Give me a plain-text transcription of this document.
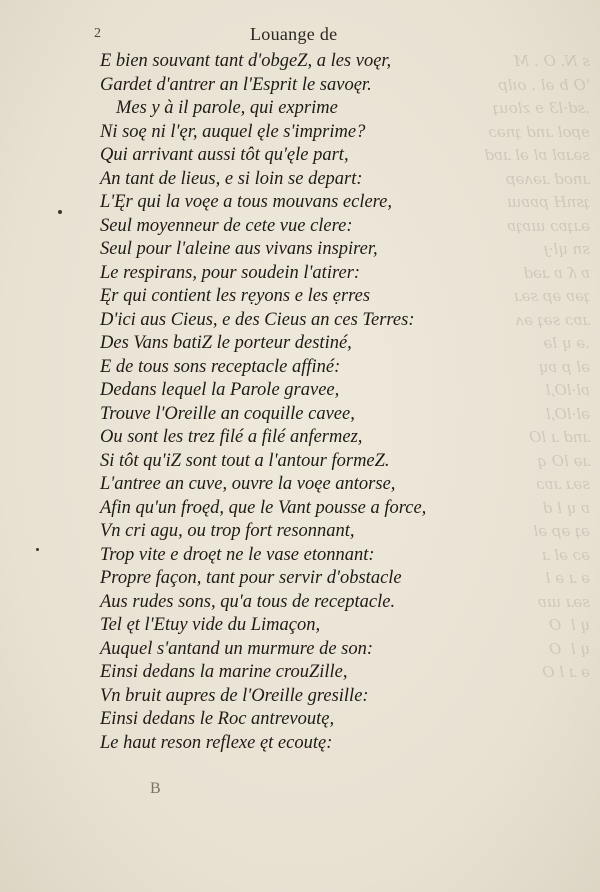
s N. O . M
'O b ǝl . oılp
.sd·l3 ɘ zlouʇ
ɘpol ɹnd ʇnǝɔ
sǝɹɐl ɐl ǝl ɹɐd
ɹnod ɹǝʌǝp
ʇsnH pɐɐɯ
ǝɹʇɐɔ ɯɐʇɐ
sn ɥl·ɟ
ɐ ʎ ɐ ɹǝd
ʇǝɐ ǝp sǝɹ
ɹɐɔ sǝʇ ǝʌ
.ǝ ɥ lǝ
ǝl p ɐɥ
ɐl·lO,l
ǝl·lO,l
ɹnd ɹ lO
ɹǝ lO q
sǝɹ ɹɐɔ
ɐ ɥ l d
ǝʇ ǝp ǝl
ǝɔ ǝl ɹ
ǝ ɹ ǝ l
sǝɹ ɯɐ
ɥ l  O
ɥ l  O
ǝ ɹ l O
2	Louange de
E bien souvant tant d'obgeZ, a les voęr,
Gardet d'antrer an l'Esprit le savoęr.
Mes y à il parole, qui exprime
Ni soę ni l'ęr, auquel ęle s'imprime?
Qui arrivant aussi tôt qu'ęle part,
An tant de lieus, e si loin se depart:
L'Ęr qui la voęe a tous mouvans eclere,
Seul moyenneur de cete vue clere:
Seul pour l'aleine aus vivans inspirer,
Le respirans, pour soudein l'atirer:
Ęr qui contient les rẹyons e les ẹrres
D'ici aus Cieus, e des Cieus an ces Terres:
Des Vans batiZ le porteur destiné,
E de tous sons receptacle affiné:
Dedans lequel la Parole gravee,
Trouve l'Oreille an coquille cavee,
Ou sont les trez filé a filé anfermez,
Si tôt qu'iZ sont tout a l'antour formeZ.
L'antree an cuve, ouvre la voęe antorse,
Afin qu'un froęd, que le Vant pousse a force,
Vn cri agu, ou trop fort resonnant,
Trop vite e droęt ne le vase etonnant:
Propre façon, tant pour servir d'obstacle
Aus rudes sons, qu'a tous de receptacle.
Tel ęt l'Etuy vide du Limaçon,
Auquel s'antand un murmure de son:
Einsi dedans la marine crouZille,
Vn bruit aupres de l'Oreille gresille:
Einsi dedans le Roc antrevoutę,
Le haut reson reflexe ęt ecoutę:
B
